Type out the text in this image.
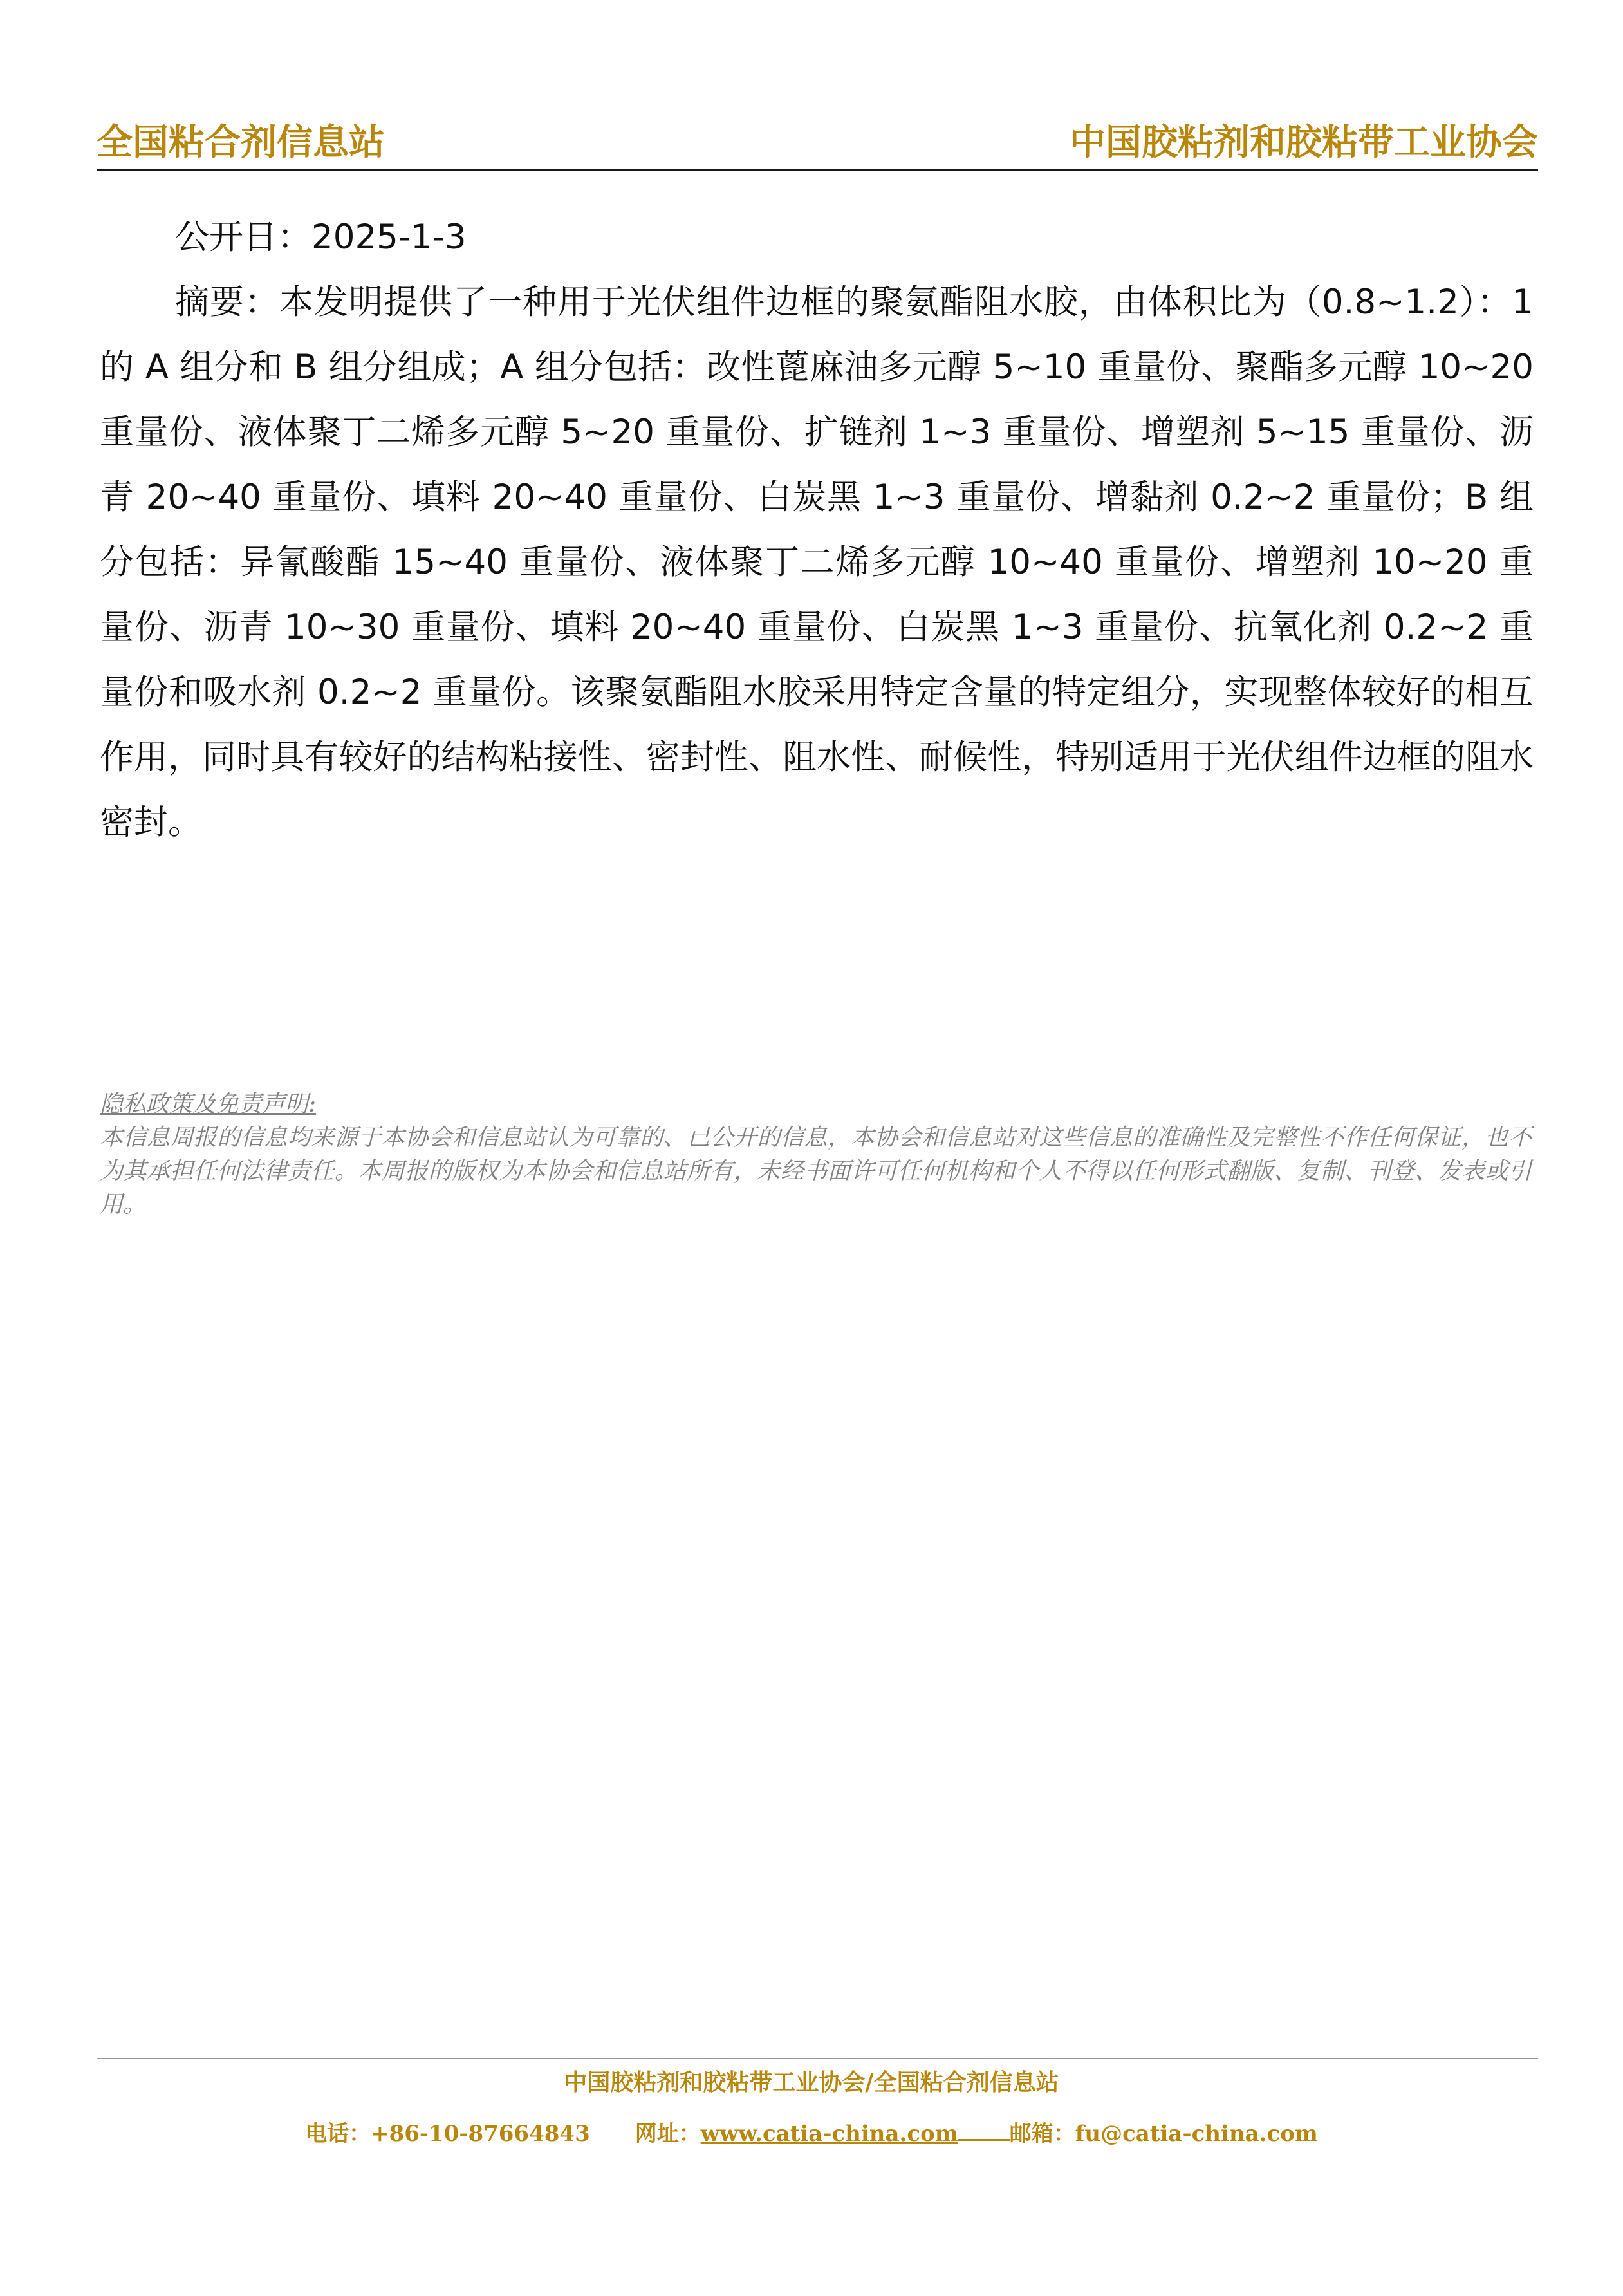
全国粘合剂信息站	中国胶粘剂和胶粘带工业协会

公开日：2025-1-3

摘要：本发明提供了一种用于光伏组件边框的聚氨酯阻水胶，由体积比为（0.8~1.2）：1 的 A 组分和 B 组分组成；A 组分包括：改性蓖麻油多元醇 5~10 重量份、聚酯多元醇 10~20 重量份、液体聚丁二烯多元醇 5~20 重量份、扩链剂 1~3 重量份、增塑剂 5~15 重量份、沥青 20~40 重量份、填料 20~40 重量份、白炭黑 1~3 重量份、增黏剂 0.2~2 重量份；B 组分包括：异氰酸酯 15~40 重量份、液体聚丁二烯多元醇 10~40 重量份、增塑剂 10~20 重量份、沥青 10~30 重量份、填料 20~40 重量份、白炭黑 1~3 重量份、抗氧化剂 0.2~2 重量份和吸水剂 0.2~2 重量份。该聚氨酯阻水胶采用特定含量的特定组分，实现整体较好的相互作用，同时具有较好的结构粘接性、密封性、阻水性、耐候性，特别适用于光伏组件边框的阻水密封。

隐私政策及免责声明:

本信息周报的信息均来源于本协会和信息站认为可靠的、已公开的信息，本协会和信息站对这些信息的准确性及完整性不作任何保证，也不为其承担任何法律责任。本周报的版权为本协会和信息站所有，未经书面许可任何机构和个人不得以任何形式翻版、复制、刊登、发表或引用。

中国胶粘剂和胶粘带工业协会/全国粘合剂信息站
电话：+86-10-87664843 网址：www.catia-china.com 邮箱：fu@catia-china.com
